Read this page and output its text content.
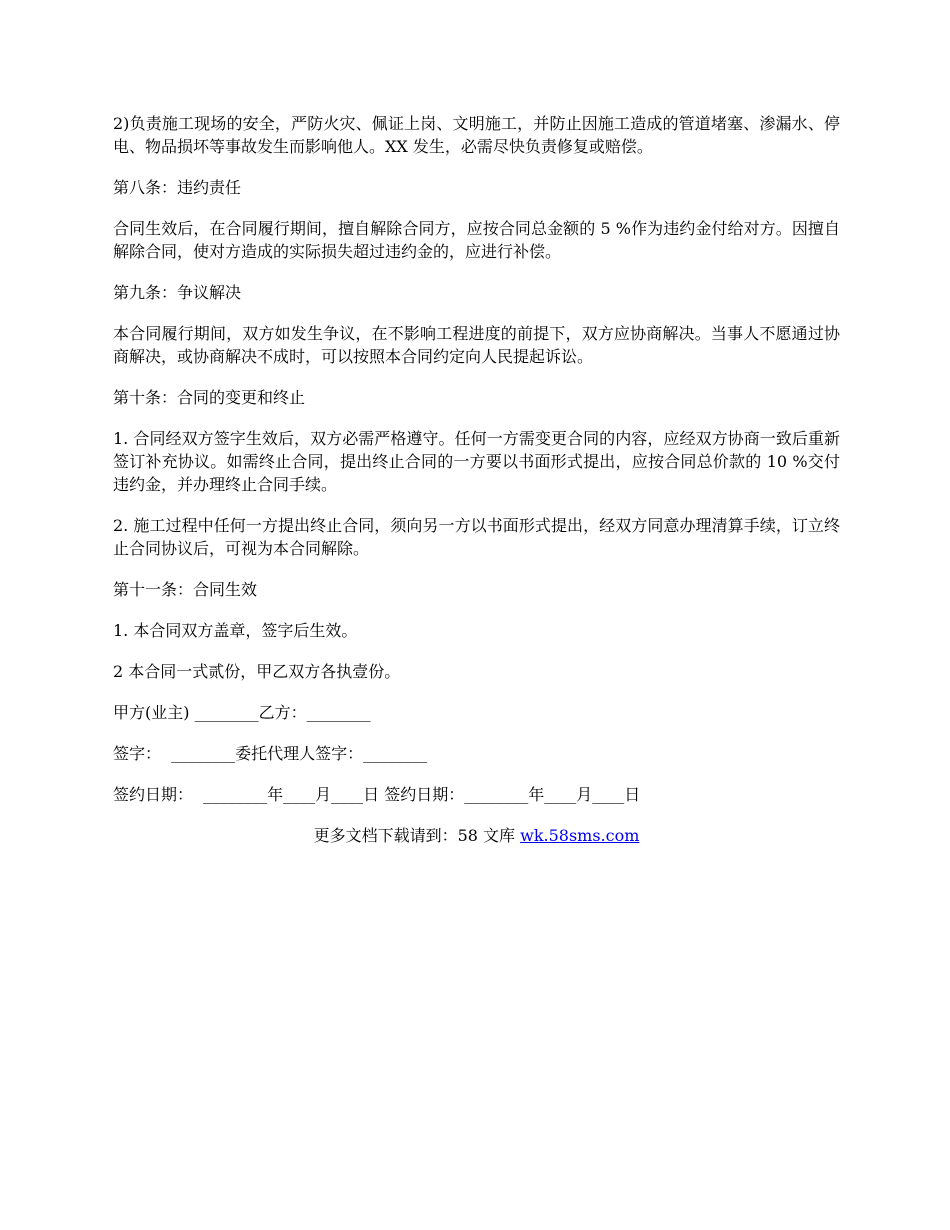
2)负责施工现场的安全，严防火灾、佩证上岗、文明施工，并防止因施工造成的管道堵塞、渗漏水、停电、物品损坏等事故发生而影响他人。XX 发生，必需尽快负责修复或赔偿。

第八条：违约责任

合同生效后，在合同履行期间，擅自解除合同方，应按合同总金额的 5 %作为违约金付给对方。因擅自解除合同，使对方造成的实际损失超过违约金的，应进行补偿。

第九条：争议解决

本合同履行期间，双方如发生争议，在不影响工程进度的前提下，双方应协商解决。当事人不愿通过协商解决，或协商解决不成时，可以按照本合同约定向人民提起诉讼。

第十条：合同的变更和终止

1. 合同经双方签字生效后，双方必需严格遵守。任何一方需变更合同的内容，应经双方协商一致后重新签订补充协议。如需终止合同，提出终止合同的一方要以书面形式提出，应按合同总价款的 10 %交付违约金，并办理终止合同手续。

2. 施工过程中任何一方提出终止合同，须向另一方以书面形式提出，经双方同意办理清算手续，订立终止合同协议后，可视为本合同解除。

第十一条：合同生效

1. 本合同双方盖章，签字后生效。

2 本合同一式贰份，甲乙双方各执壹份。

甲方(业主) ________乙方：________

签字：  ________委托代理人签字：________

签约日期：  ________年____月____日 签约日期：________年____月____日

更多文档下载请到：58 文库 wk.58sms.com
